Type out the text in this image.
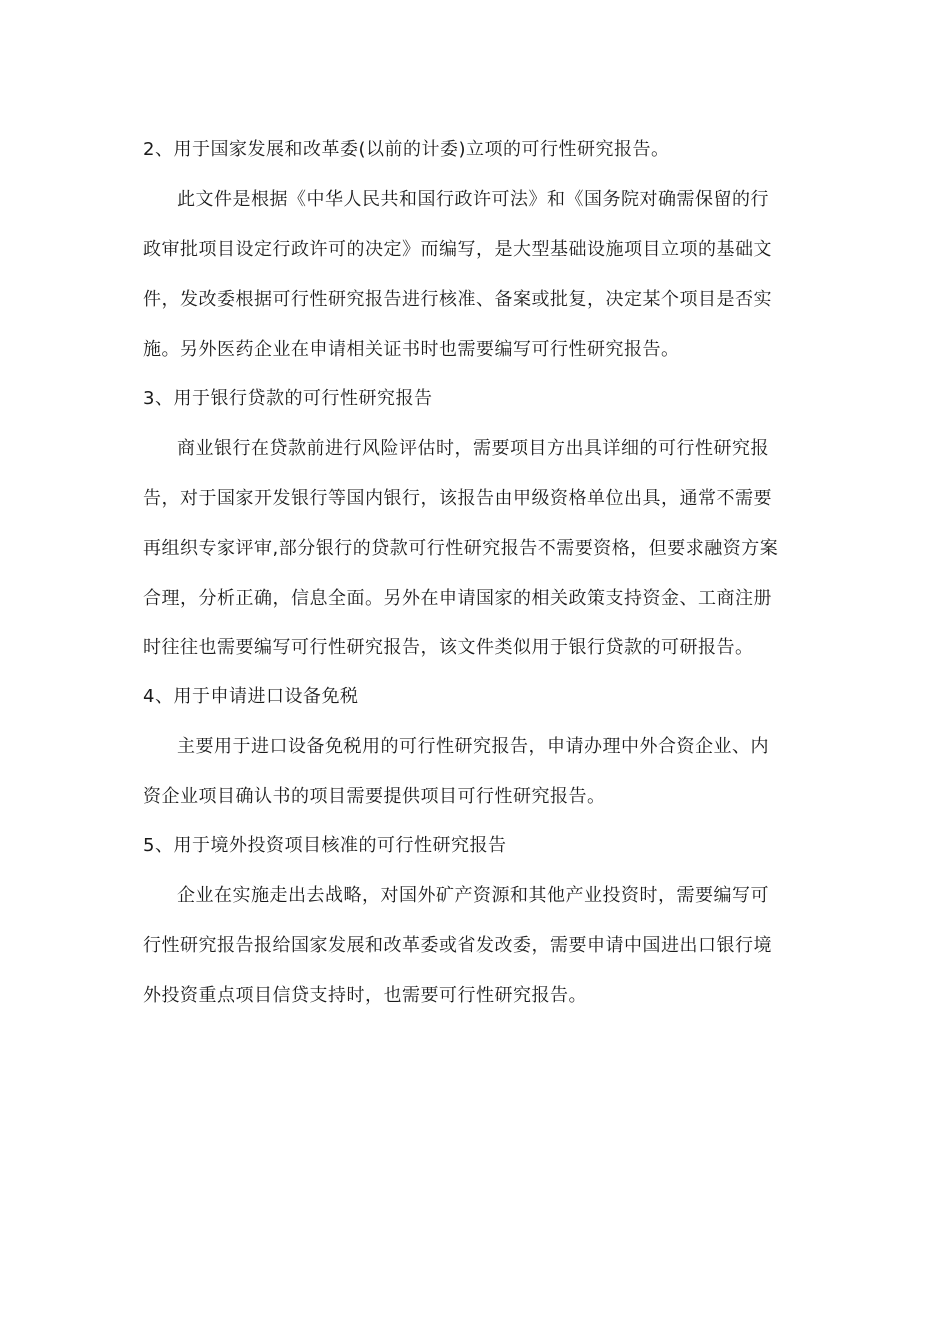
2、用于国家发展和改革委(以前的计委)立项的可行性研究报告。
此文件是根据《中华人民共和国行政许可法》和《国务院对确需保留的行
政审批项目设定行政许可的决定》而编写，是大型基础设施项目立项的基础文
件，发改委根据可行性研究报告进行核准、备案或批复，决定某个项目是否实
施。另外医药企业在申请相关证书时也需要编写可行性研究报告。
3、用于银行贷款的可行性研究报告
商业银行在贷款前进行风险评估时，需要项目方出具详细的可行性研究报
告，对于国家开发银行等国内银行，该报告由甲级资格单位出具，通常不需要
再组织专家评审,部分银行的贷款可行性研究报告不需要资格，但要求融资方案
合理，分析正确，信息全面。另外在申请国家的相关政策支持资金、工商注册
时往往也需要编写可行性研究报告，该文件类似用于银行贷款的可研报告。
4、用于申请进口设备免税
主要用于进口设备免税用的可行性研究报告，申请办理中外合资企业、内
资企业项目确认书的项目需要提供项目可行性研究报告。
5、用于境外投资项目核准的可行性研究报告
企业在实施走出去战略，对国外矿产资源和其他产业投资时，需要编写可
行性研究报告报给国家发展和改革委或省发改委，需要申请中国进出口银行境
外投资重点项目信贷支持时，也需要可行性研究报告。
